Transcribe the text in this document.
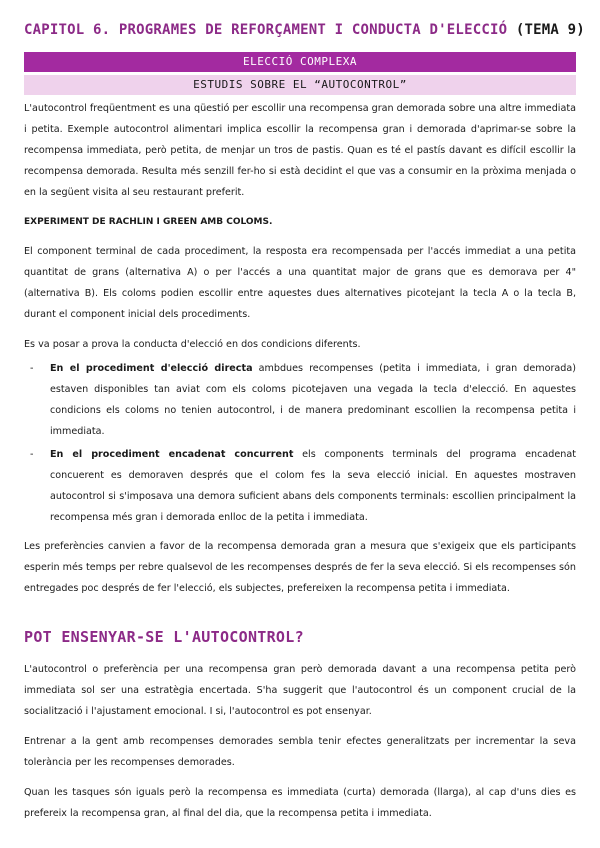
CAPITOL 6. PROGRAMES DE REFORÇAMENT I CONDUCTA D'ELECCIÓ (TEMA 9)
ELECCIÓ COMPLEXA
ESTUDIS SOBRE EL “AUTOCONTROL”

L'autocontrol freqüentment es una qüestió per escollir una recompensa gran demorada sobre una altre immediata i petita. Exemple autocontrol alimentari implica escollir la recompensa gran i demorada d'aprimar-se sobre la recompensa immediata, però petita, de menjar un tros de pastis. Quan es té el pastís davant es difícil escollir la recompensa demorada. Resulta més senzill fer-ho si està decidint el que vas a consumir en la pròxima menjada o en la següent visita al seu restaurant preferit.

EXPERIMENT DE RACHLIN I GREEN AMB COLOMS.

El component terminal de cada procediment, la resposta era recompensada per l'accés immediat a una petita quantitat de grans (alternativa A) o per l'accés a una quantitat major de grans que es demorava per 4" (alternativa B). Els coloms podien escollir entre aquestes dues alternatives picotejant la tecla A o la tecla B, durant el component inicial dels procediments.

Es va posar a prova la conducta d'elecció en dos condicions diferents.

- En el procediment d'elecció directa ambdues recompenses (petita i immediata, i gran demorada) estaven disponibles tan aviat com els coloms picotejaven una vegada la tecla d'elecció. En aquestes condicions els coloms no tenien autocontrol, i de manera predominant escollien la recompensa petita i immediata.
- En el procediment encadenat concurrent els components terminals del programa encadenat concuerent es demoraven després que el colom fes la seva elecció inicial. En aquestes mostraven autocontrol si s'imposava una demora suficient abans dels components terminals: escollien principalment la recompensa més gran i demorada enlloc de la petita i immediata.

Les preferències canvien a favor de la recompensa demorada gran a mesura que s'exigeix que els participants esperin més temps per rebre qualsevol de les recompenses després de fer la seva elecció. Si els recompenses són entregades poc després de fer l'elecció, els subjectes, prefereixen la recompensa petita i immediata.

POT ENSENYAR-SE L'AUTOCONTROL?

L'autocontrol o preferència per una recompensa gran però demorada davant a una recompensa petita però immediata sol ser una estratègia encertada. S'ha suggerit que l'autocontrol és un component crucial de la socialització i l'ajustament emocional. I si, l'autocontrol es pot ensenyar.

Entrenar a la gent amb recompenses demorades sembla tenir efectes generalitzats per incrementar la seva tolerància per les recompenses demorades.

Quan les tasques són iguals però la recompensa es immediata (curta) demorada (llarga), al cap d'uns dies es prefereix la recompensa gran, al final del dia, que la recompensa petita i immediata.
